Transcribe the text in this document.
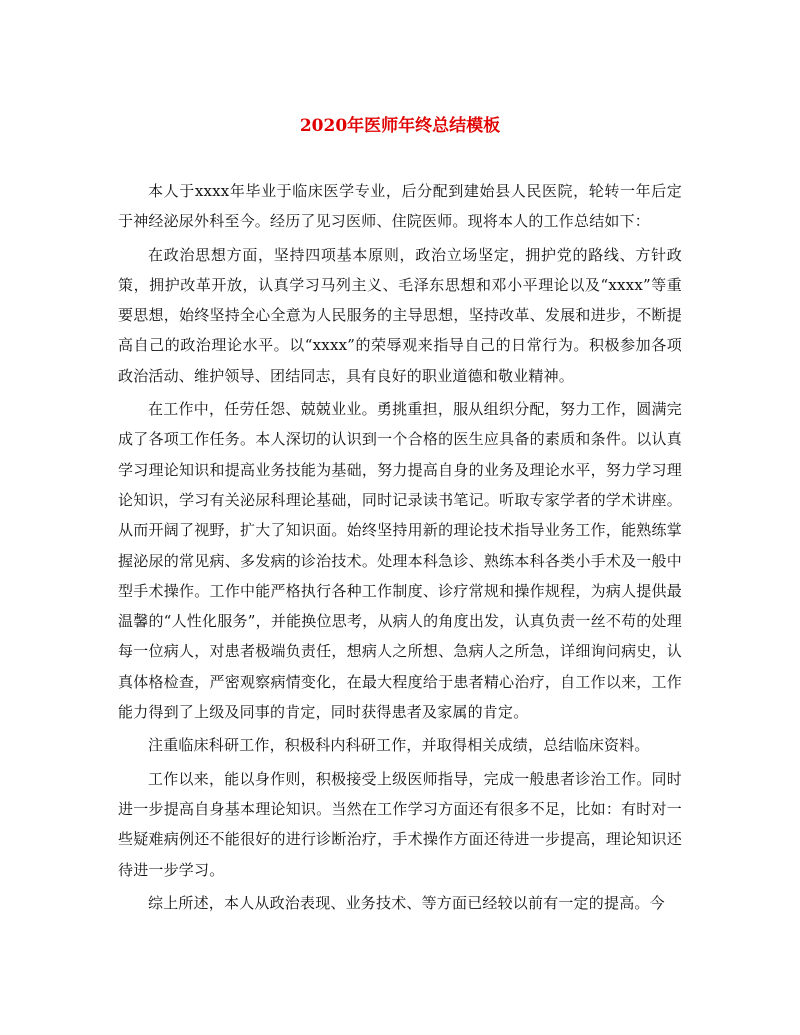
2020年医师年终总结模板

本人于xxxx年毕业于临床医学专业，后分配到建始县人民医院，轮转一年后定于神经泌尿外科至今。经历了见习医师、住院医师。现将本人的工作总结如下：

在政治思想方面，坚持四项基本原则，政治立场坚定，拥护党的路线、方针政策，拥护改革开放，认真学习马列主义、毛泽东思想和邓小平理论以及“xxxx”等重要思想，始终坚持全心全意为人民服务的主导思想，坚持改革、发展和进步，不断提高自己的政治理论水平。以“xxxx”的荣辱观来指导自己的日常行为。积极参加各项政治活动、维护领导、团结同志，具有良好的职业道德和敬业精神。

在工作中，任劳任怨、兢兢业业。勇挑重担，服从组织分配，努力工作，圆满完成了各项工作任务。本人深切的认识到一个合格的医生应具备的素质和条件。以认真学习理论知识和提高业务技能为基础，努力提高自身的业务及理论水平，努力学习理论知识，学习有关泌尿科理论基础，同时记录读书笔记。听取专家学者的学术讲座。从而开阔了视野，扩大了知识面。始终坚持用新的理论技术指导业务工作，能熟练掌握泌尿的常见病、多发病的诊治技术。处理本科急诊、熟练本科各类小手术及一般中型手术操作。工作中能严格执行各种工作制度、诊疗常规和操作规程，为病人提供最温馨的“人性化服务”，并能换位思考，从病人的角度出发，认真负责一丝不苟的处理每一位病人，对患者极端负责任，想病人之所想、急病人之所急，详细询问病史，认真体格检查，严密观察病情变化，在最大程度给于患者精心治疗，自工作以来，工作能力得到了上级及同事的肯定，同时获得患者及家属的肯定。

注重临床科研工作，积极科内科研工作，并取得相关成绩，总结临床资料。

工作以来，能以身作则，积极接受上级医师指导，完成一般患者诊治工作。同时进一步提高自身基本理论知识。当然在工作学习方面还有很多不足，比如：有时对一些疑难病例还不能很好的进行诊断治疗，手术操作方面还待进一步提高，理论知识还待进一步学习。

综上所述，本人从政治表现、业务技术、等方面已经较以前有一定的提高。今
